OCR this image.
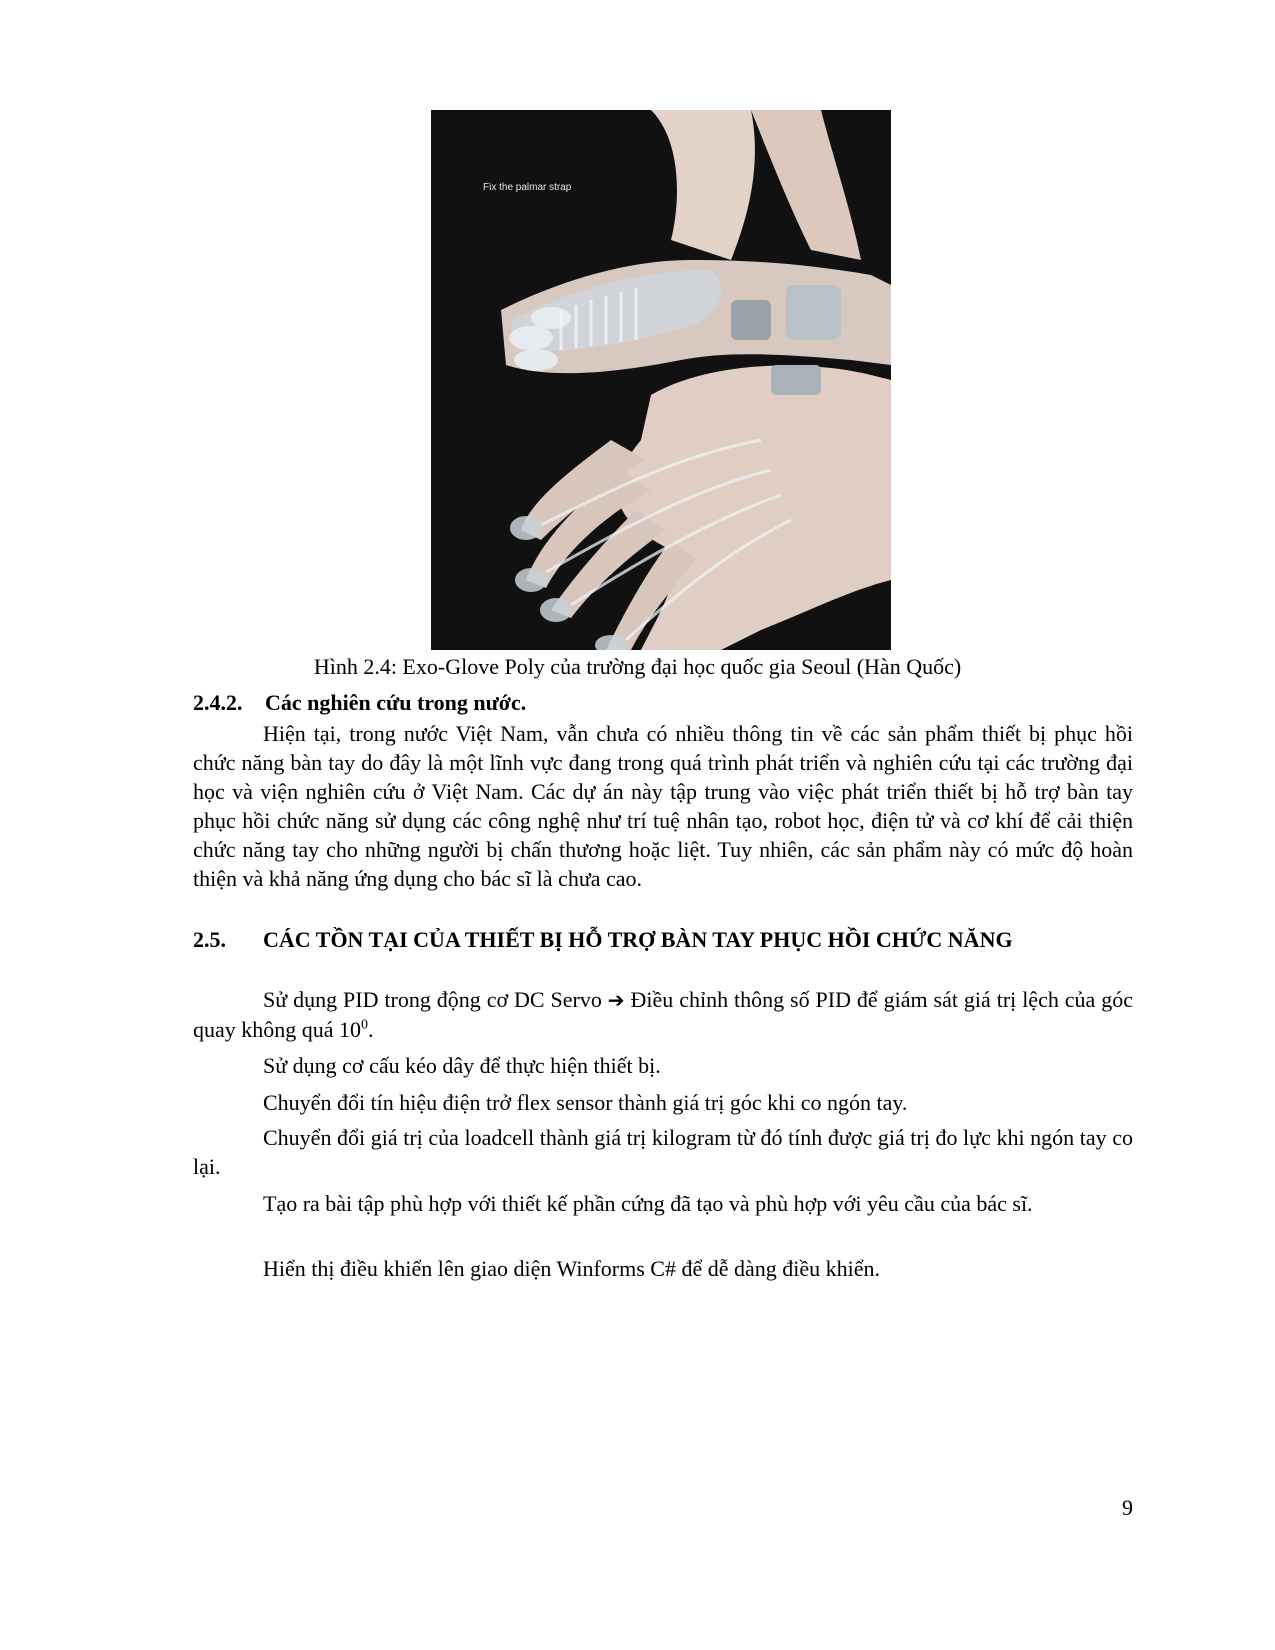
Fix the palmar strap
Hình 2.4: Exo-Glove Poly của trường đại học quốc gia Seoul (Hàn Quốc)
2.4.2. Các nghiên cứu trong nước.

Hiện tại, trong nước Việt Nam, vẫn chưa có nhiều thông tin về các sản phẩm thiết bị phục hồi chức năng bàn tay do đây là một lĩnh vực đang trong quá trình phát triển và nghiên cứu tại các trường đại học và viện nghiên cứu ở Việt Nam. Các dự án này tập trung vào việc phát triển thiết bị hỗ trợ bàn tay phục hồi chức năng sử dụng các công nghệ như trí tuệ nhân tạo, robot học, điện tử và cơ khí để cải thiện chức năng tay cho những người bị chấn thương hoặc liệt. Tuy nhiên, các sản phẩm này có mức độ hoàn thiện và khả năng ứng dụng cho bác sĩ là chưa cao.

2.5. CÁC TỒN TẠI CỦA THIẾT BỊ HỖ TRỢ BÀN TAY PHỤC HỒI CHỨC NĂNG

Sử dụng PID trong động cơ DC Servo ➔ Điều chỉnh thông số PID để giám sát giá trị lệch của góc quay không quá $10^0$.

Sử dụng cơ cấu kéo dây để thực hiện thiết bị.

Chuyển đổi tín hiệu điện trở flex sensor thành giá trị góc khi co ngón tay.

Chuyển đổi giá trị của loadcell thành giá trị kilogram từ đó tính được giá trị đo lực khi ngón tay co lại.

Tạo ra bài tập phù hợp với thiết kế phần cứng đã tạo và phù hợp với yêu cầu của bác sĩ.

Hiển thị điều khiển lên giao diện Winforms C# để dễ dàng điều khiển.

9
